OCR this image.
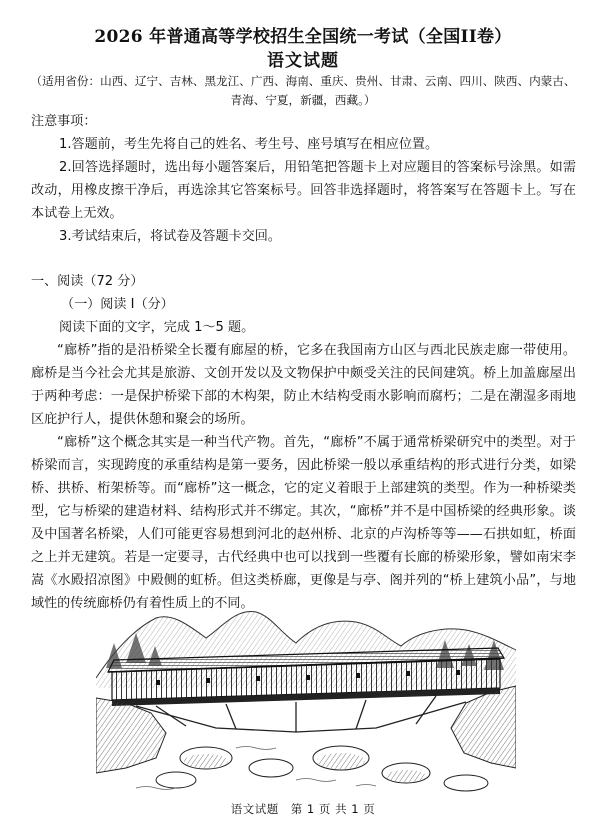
2026 年普通高等学校招生全国统一考试（全国II卷）
语文试题
（适用省份：山西、辽宁、吉林、黑龙江、广西、海南、重庆、贵州、甘肃、云南、四川、陕西、内蒙古、青海、宁夏，新疆，西藏。）
注意事项：
1.答题前，考生先将自己的姓名、考生号、座号填写在相应位置。
2.回答选择题时，选出每小题答案后，用铅笔把答题卡上对应题目的答案标号涂黑。如需改动，用橡皮擦干净后，再选涂其它答案标号。回答非选择题时，将答案写在答题卡上。写在本试卷上无效。
3.考试结束后，将试卷及答题卡交回。
一、阅读（72 分）
（一）阅读 I（分）
阅读下面的文字，完成 1～5 题。
“廊桥”指的是沿桥梁全长覆有廊屋的桥，它多在我国南方山区与西北民族走廊一带使用。廊桥是当今社会尤其是旅游、文创开发以及文物保护中颇受关注的民间建筑。桥上加盖廊屋出于两种考虑：一是保护桥梁下部的木构架，防止木结构受雨水影响而腐朽；二是在潮湿多雨地区庇护行人，提供休憩和聚会的场所。
“廊桥”这个概念其实是一种当代产物。首先，“廊桥”不属于通常桥梁研究中的类型。对于桥梁而言，实现跨度的承重结构是第一要务，因此桥梁一般以承重结构的形式进行分类，如梁桥、拱桥、桁架桥等。而“廊桥”这一概念，它的定义着眼于上部建筑的类型。作为一种桥梁类型，它与桥梁的建造材料、结构形式并不绑定。其次，“廊桥”并不是中国桥梁的经典形象。谈及中国著名桥梁，人们可能更容易想到河北的赵州桥、北京的卢沟桥等等——石拱如虹，桥面之上并无建筑。若是一定要寻，古代经典中也可以找到一些覆有长廊的桥梁形象，譬如南宋李嵩《水殿招凉图》中殿侧的虹桥。但这类桥廊，更像是与亭、阁并列的“桥上建筑小品”，与地域性的传统廊桥仍有着性质上的不同。
语文试题　第 1 页 共 1 页
